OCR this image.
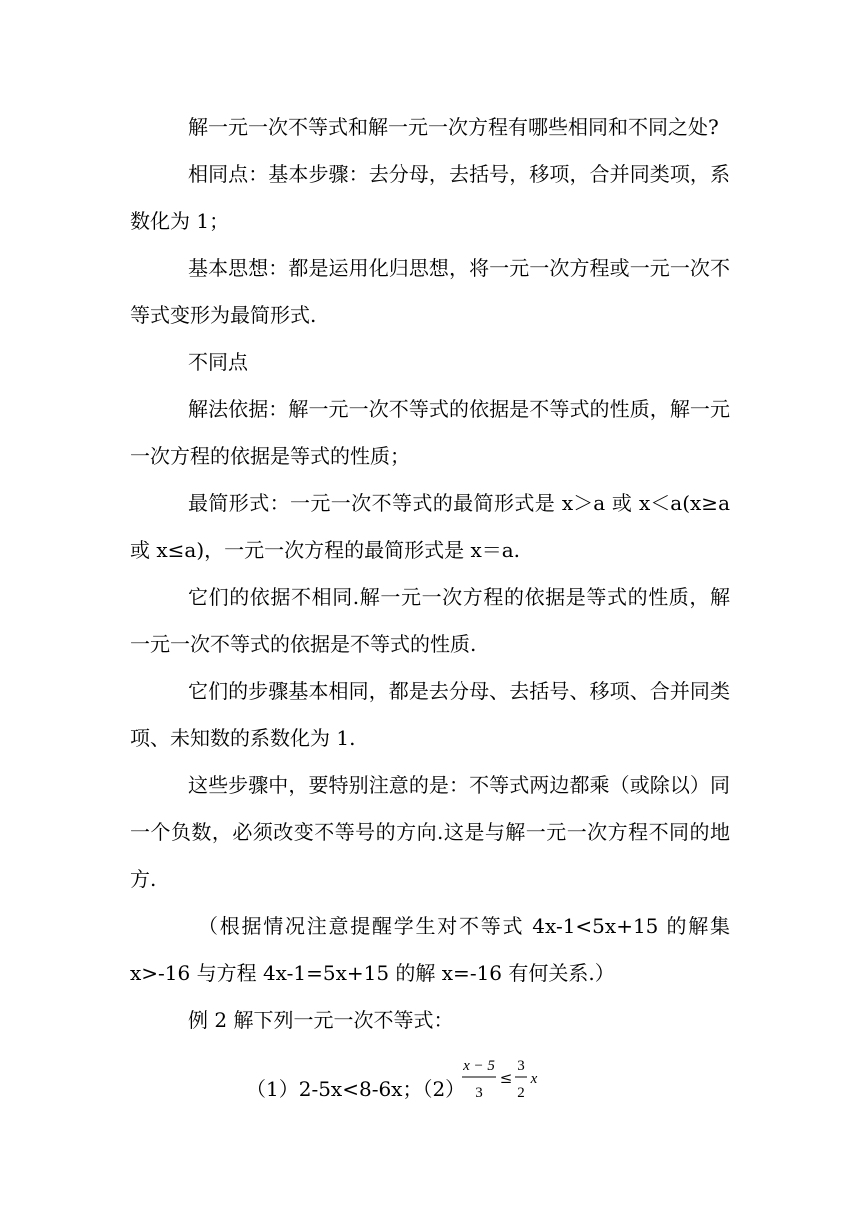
解一元一次不等式和解一元一次方程有哪些相同和不同之处?

相同点：基本步骤：去分母，去括号，移项，合并同类项，系数化为 1；

基本思想：都是运用化归思想，将一元一次方程或一元一次不等式变形为最简形式.

不同点

解法依据：解一元一次不等式的依据是不等式的性质，解一元一次方程的依据是等式的性质；

最简形式：一元一次不等式的最简形式是 x＞a 或 x＜a(x≥a 或 x≤a)，一元一次方程的最简形式是 x＝a.

它们的依据不相同.解一元一次方程的依据是等式的性质，解一元一次不等式的依据是不等式的性质.

它们的步骤基本相同，都是去分母、去括号、移项、合并同类项、未知数的系数化为 1.

这些步骤中，要特别注意的是：不等式两边都乘（或除以）同一个负数，必须改变不等号的方向.这是与解一元一次方程不同的地方.

（根据情况注意提醒学生对不等式 4x-1<5x+15 的解集x>-16 与方程 4x-1=5x+15 的解 x=-16 有何关系.）

例 2 解下列一元一次不等式：

（1）2-5x<8-6x；（2）
x − 5
3
≤
3
2
x
